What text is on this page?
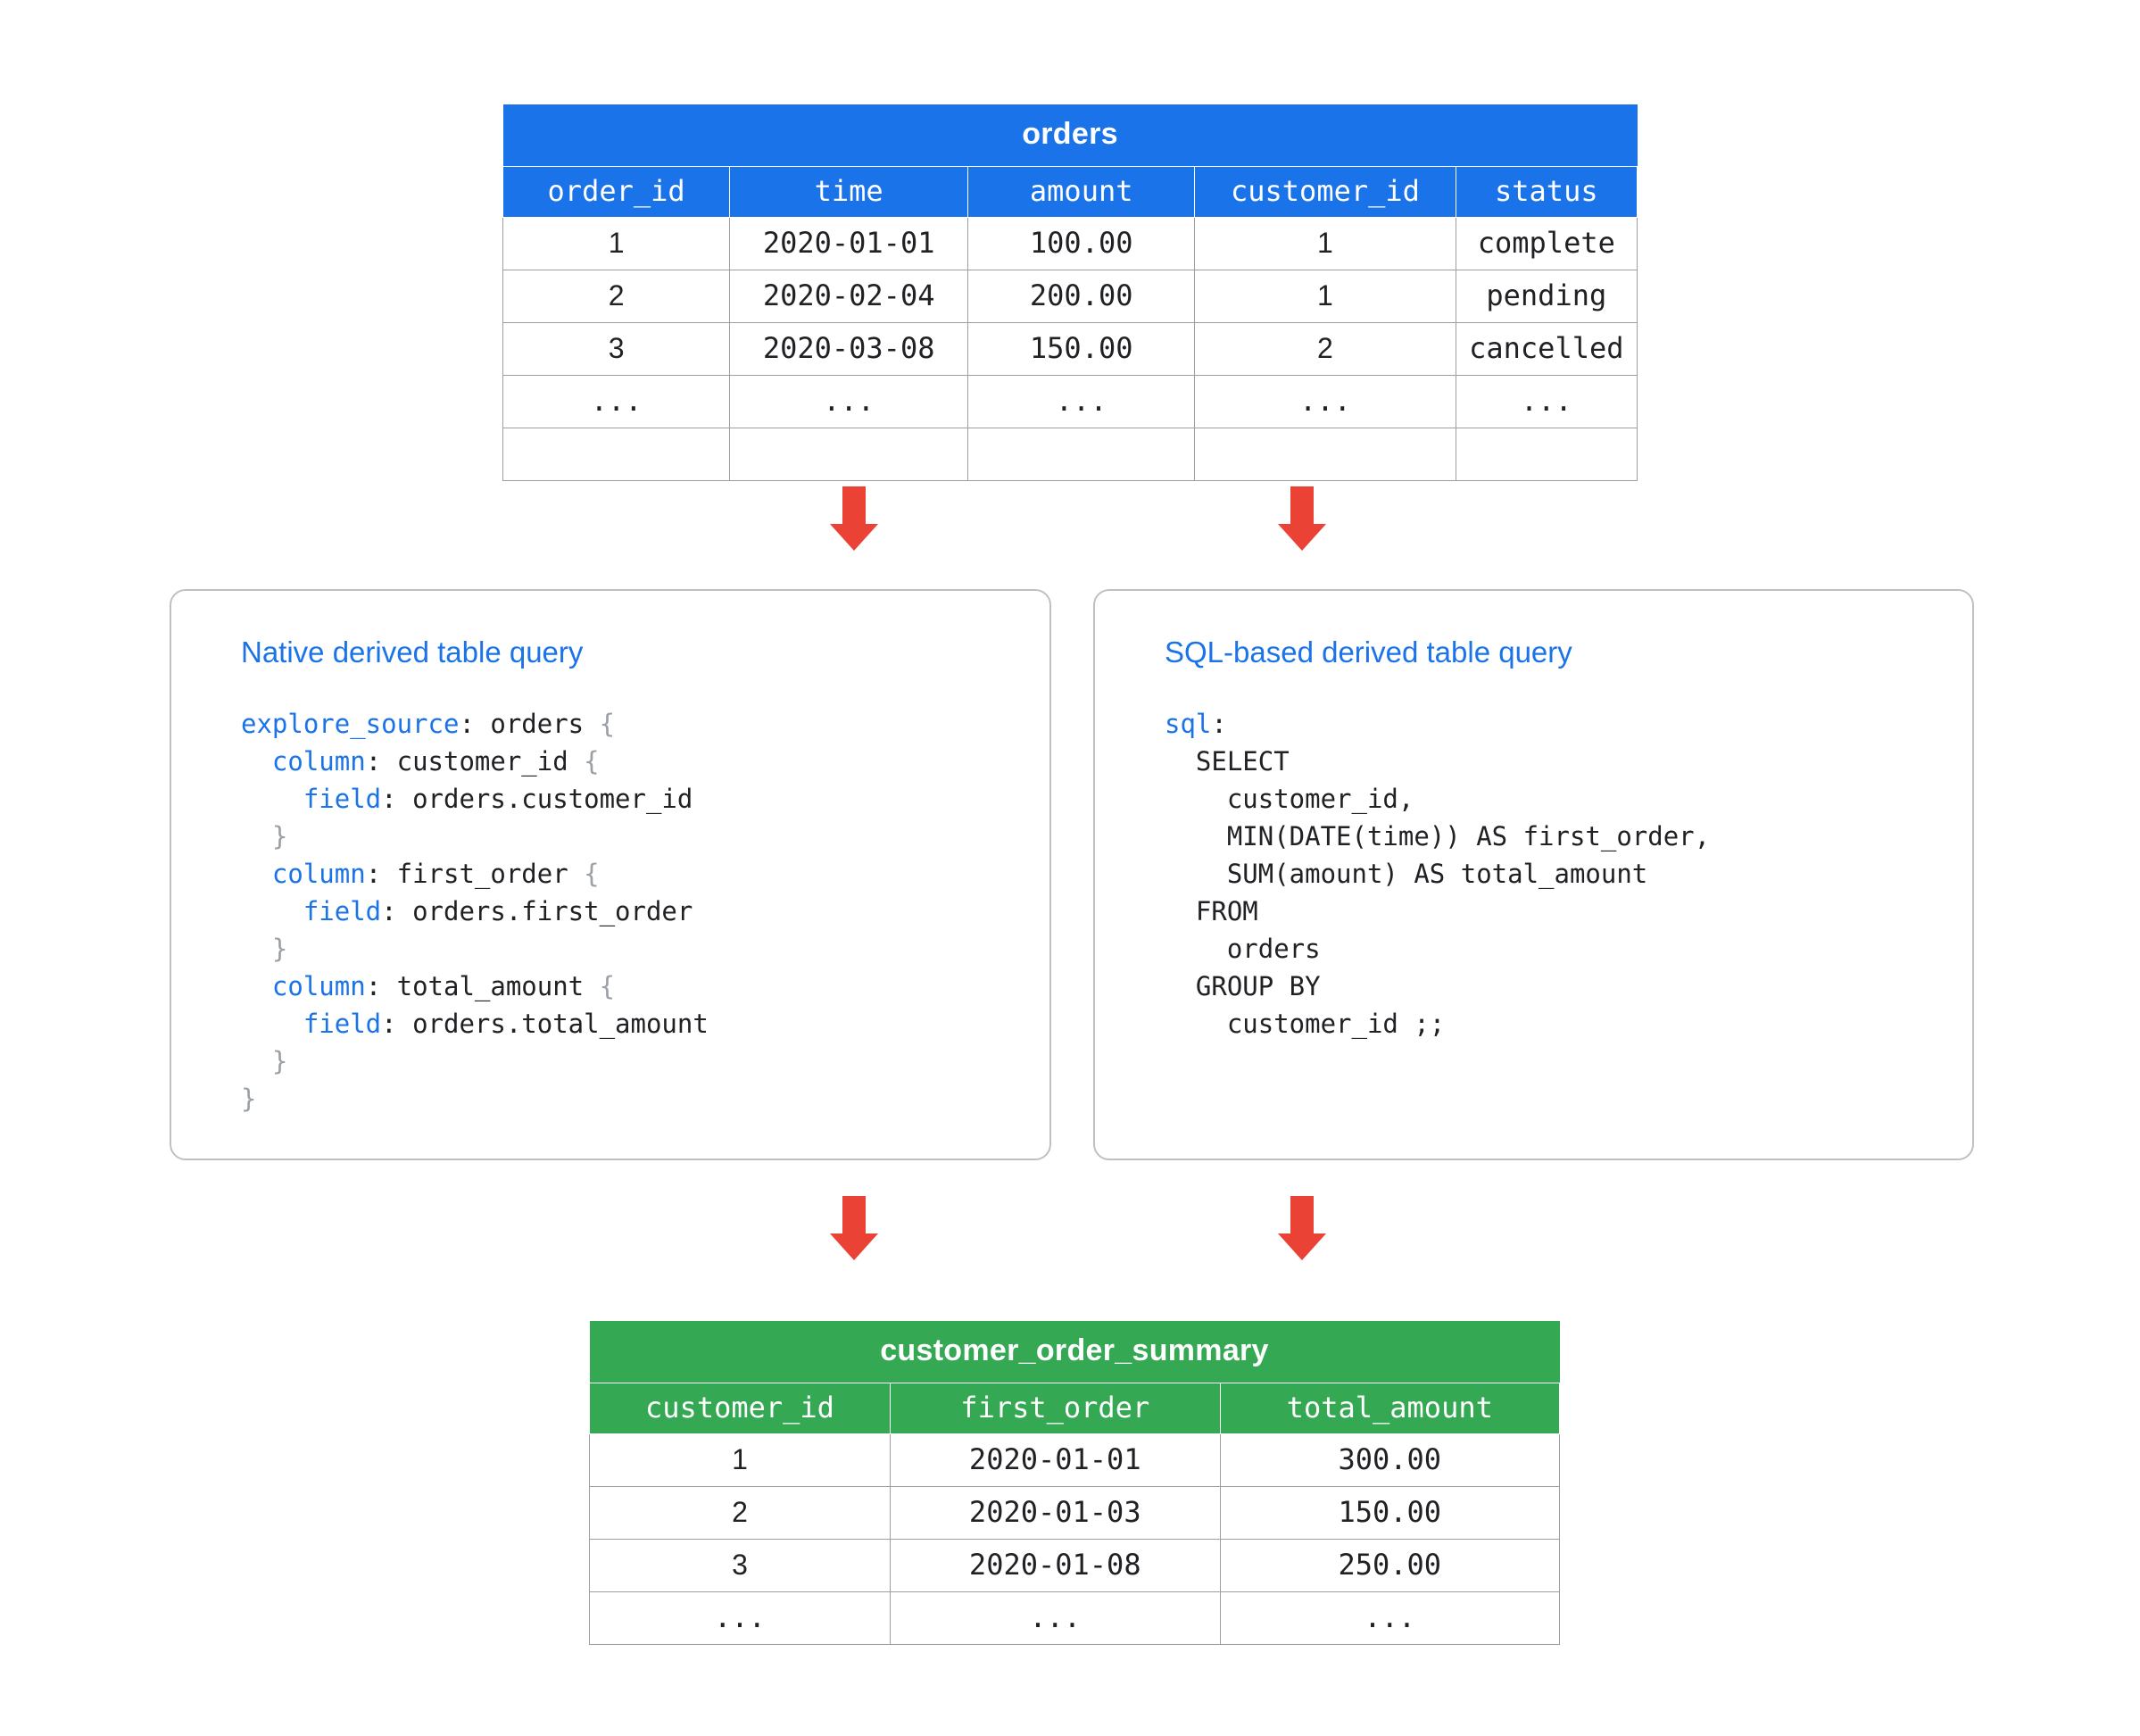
orders				
order_id	time	amount	customer_id	status
1	2020-01-01	100.00	1	complete
2	2020-02-04	200.00	1	pending
3	2020-03-08	150.00	2	cancelled
...	...	...	...	...

Native derived table query
explore_source: orders {
column: customer_id {
field: orders.customer_id
}
column: first_order {
field: orders.first_order
}
column: total_amount {
field: orders.total_amount
}
}
SQL-based derived table query
sql:
SELECT
customer_id,
MIN(DATE(time)) AS first_order,
SUM(amount) AS total_amount
FROM
orders
GROUP BY
customer_id ;;
customer_order_summary		
customer_id	first_order	total_amount
1	2020-01-01	300.00
2	2020-01-03	150.00
3	2020-01-08	250.00
...	...	...
